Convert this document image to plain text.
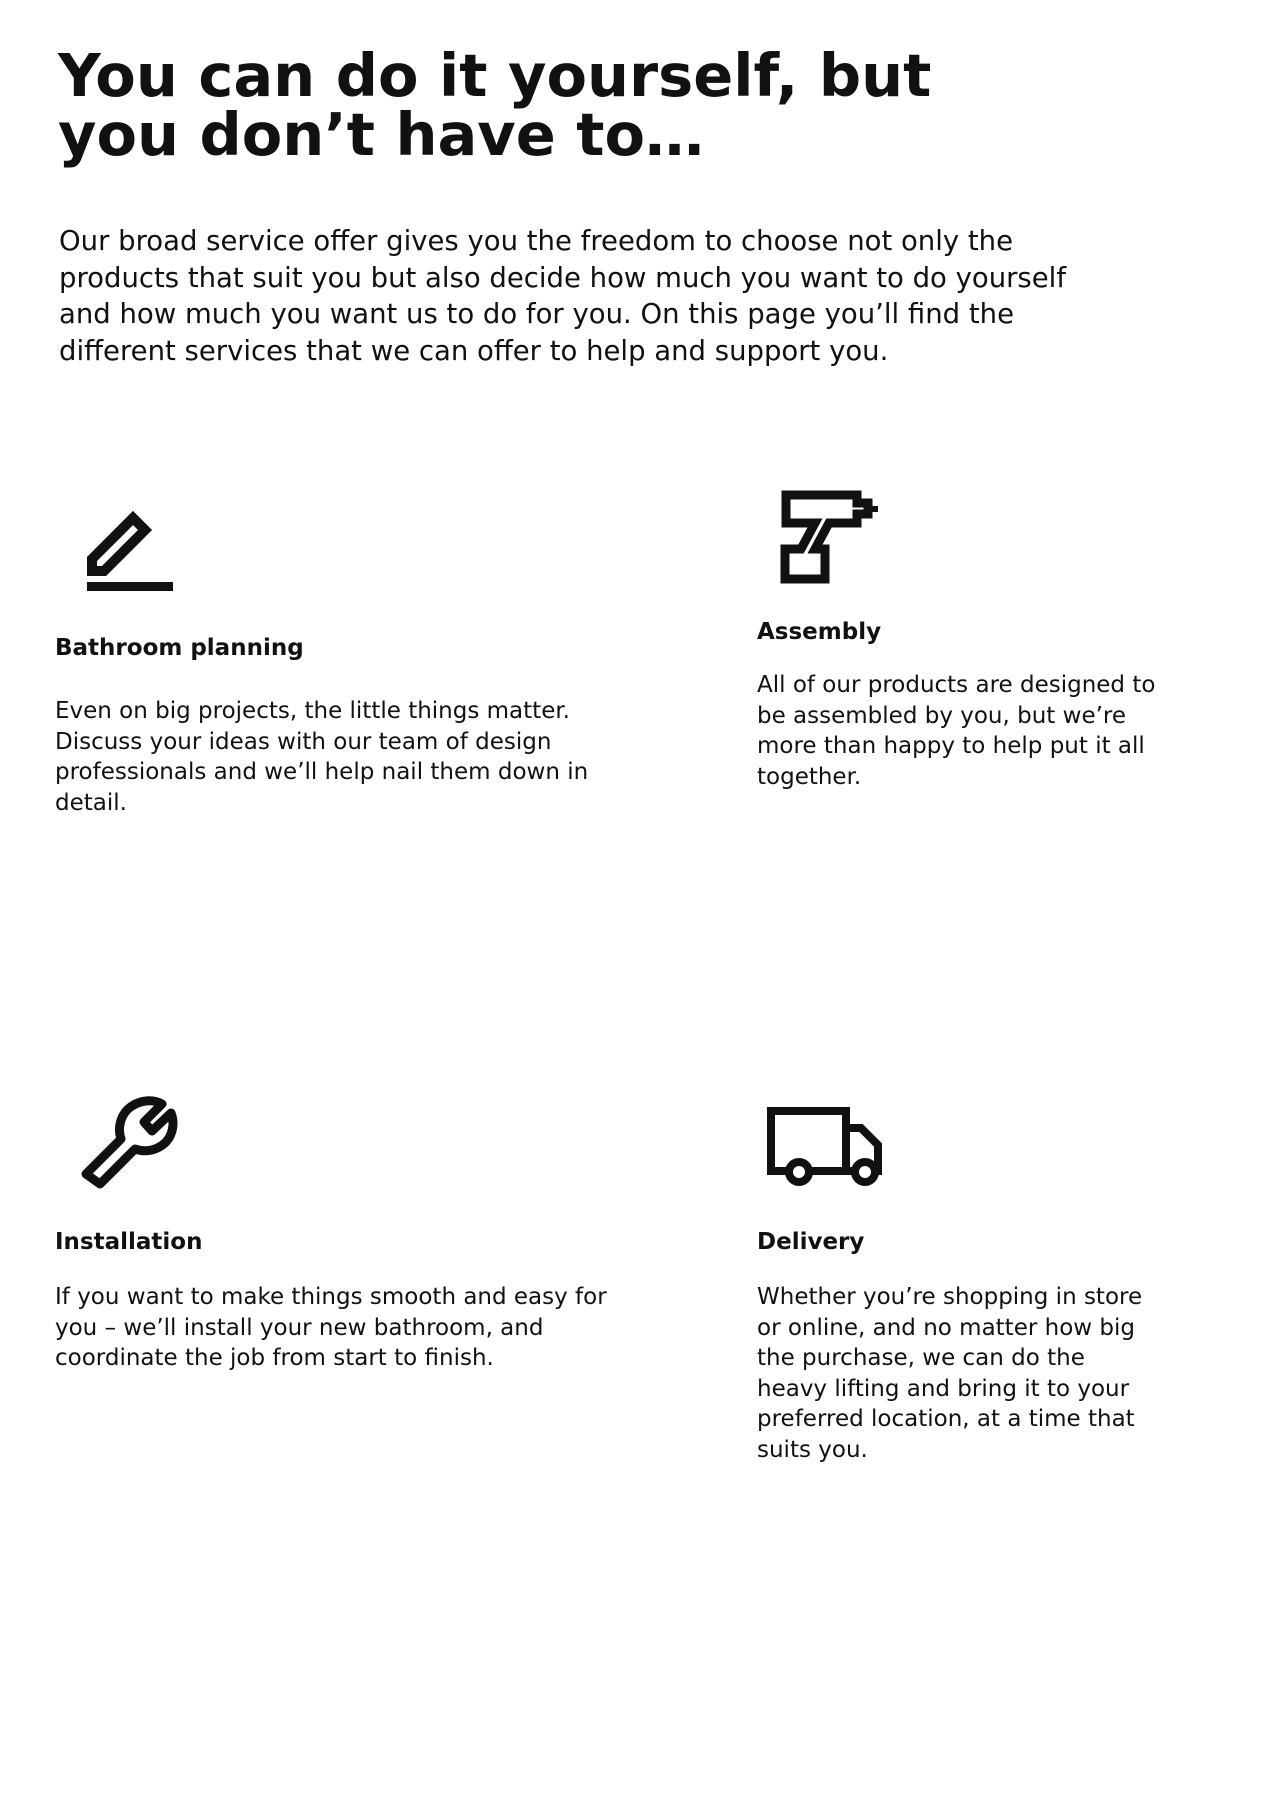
You can do it yourself, but you don’t have to…

Our broad service offer gives you the freedom to choose not only the products that suit you but also decide how much you want to do yourself and how much you want us to do for you. On this page you’ll find the different services that we can offer to help and support you.

Bathroom planning

Even on big projects, the little things matter. Discuss your ideas with our team of design professionals and we’ll help nail them down in detail.

Assembly

All of our products are designed to be assembled by you, but we’re more than happy to help put it all together.

Installation

If you want to make things smooth and easy for you – we’ll install your new bathroom, and coordinate the job from start to finish.

Delivery

Whether you’re shopping in store or online, and no matter how big the purchase, we can do the heavy lifting and bring it to your preferred location, at a time that suits you.
